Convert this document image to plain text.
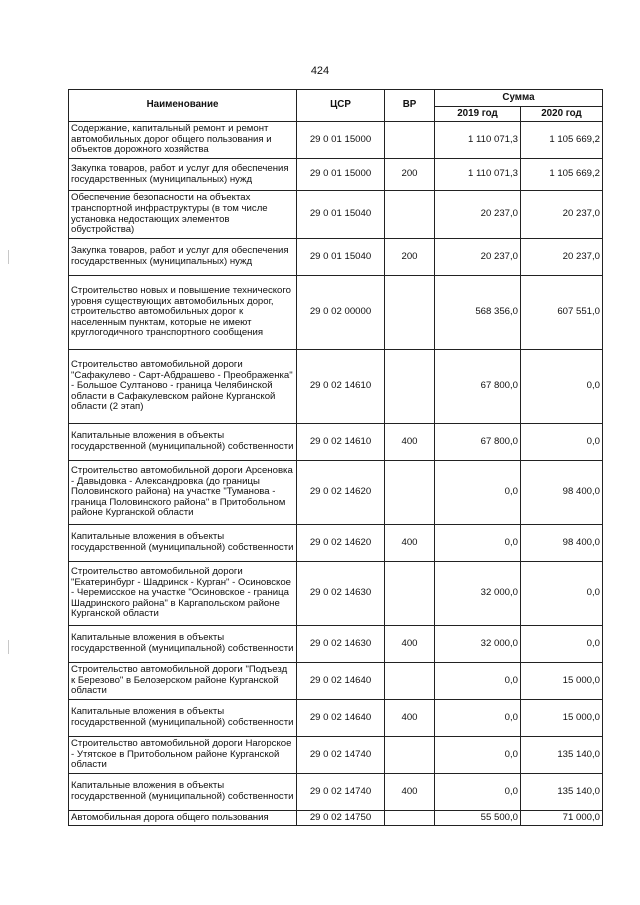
424
Наименование	ЦСР	ВР	Сумма	
			2019 год	2020 год
Содержание, капитальный ремонт и ремонт автомобильных дорог общего пользования и объектов дорожного хозяйства	29 0 01 15000		1 110 071,3	1 105 669,2
Закупка товаров, работ и услуг для обеспечения государственных (муниципальных) нужд	29 0 01 15000	200	1 110 071,3	1 105 669,2
Обеспечение безопасности на объектах транспортной инфраструктуры (в том числе установка недостающих элементов обустройства)	29 0 01 15040		20 237,0	20 237,0
Закупка товаров, работ и услуг для обеспечения государственных (муниципальных) нужд	29 0 01 15040	200	20 237,0	20 237,0
Строительство новых и повышение технического уровня существующих автомобильных дорог, строительство автомобильных дорог к населенным пунктам, которые не имеют круглогодичного транспортного сообщения	29 0 02 00000		568 356,0	607 551,0
Строительство автомобильной дороги "Сафакулево - Сарт-Абдрашево - Преображенка" - Большое Султаново - граница Челябинской области в Сафакулевском районе Курганской области (2 этап)	29 0 02 14610		67 800,0	0,0
Капитальные вложения в объекты государственной (муниципальной) собственности	29 0 02 14610	400	67 800,0	0,0
Строительство автомобильной дороги Арсеновка - Давыдовка - Александровка (до границы Половинского района) на участке "Туманова - граница Половинского района" в Притобольном районе Курганской области	29 0 02 14620		0,0	98 400,0
Капитальные вложения в объекты государственной (муниципальной) собственности	29 0 02 14620	400	0,0	98 400,0
Строительство автомобильной дороги "Екатеринбург - Шадринск - Курган" - Осиновское - Черемисское на участке "Осиновское - граница Шадринского района" в Каргапольском районе Курганской области	29 0 02 14630		32 000,0	0,0
Капитальные вложения в объекты государственной (муниципальной) собственности	29 0 02 14630	400	32 000,0	0,0
Строительство автомобильной дороги "Подъезд к Березово" в Белозерском районе Курганской области	29 0 02 14640		0,0	15 000,0
Капитальные вложения в объекты государственной (муниципальной) собственности	29 0 02 14640	400	0,0	15 000,0
Строительство автомобильной дороги Нагорское - Утятское в Притобольном районе Курганской области	29 0 02 14740		0,0	135 140,0
Капитальные вложения в объекты государственной (муниципальной) собственности	29 0 02 14740	400	0,0	135 140,0
Автомобильная дорога общего пользования	29 0 02 14750		55 500,0	71 000,0
